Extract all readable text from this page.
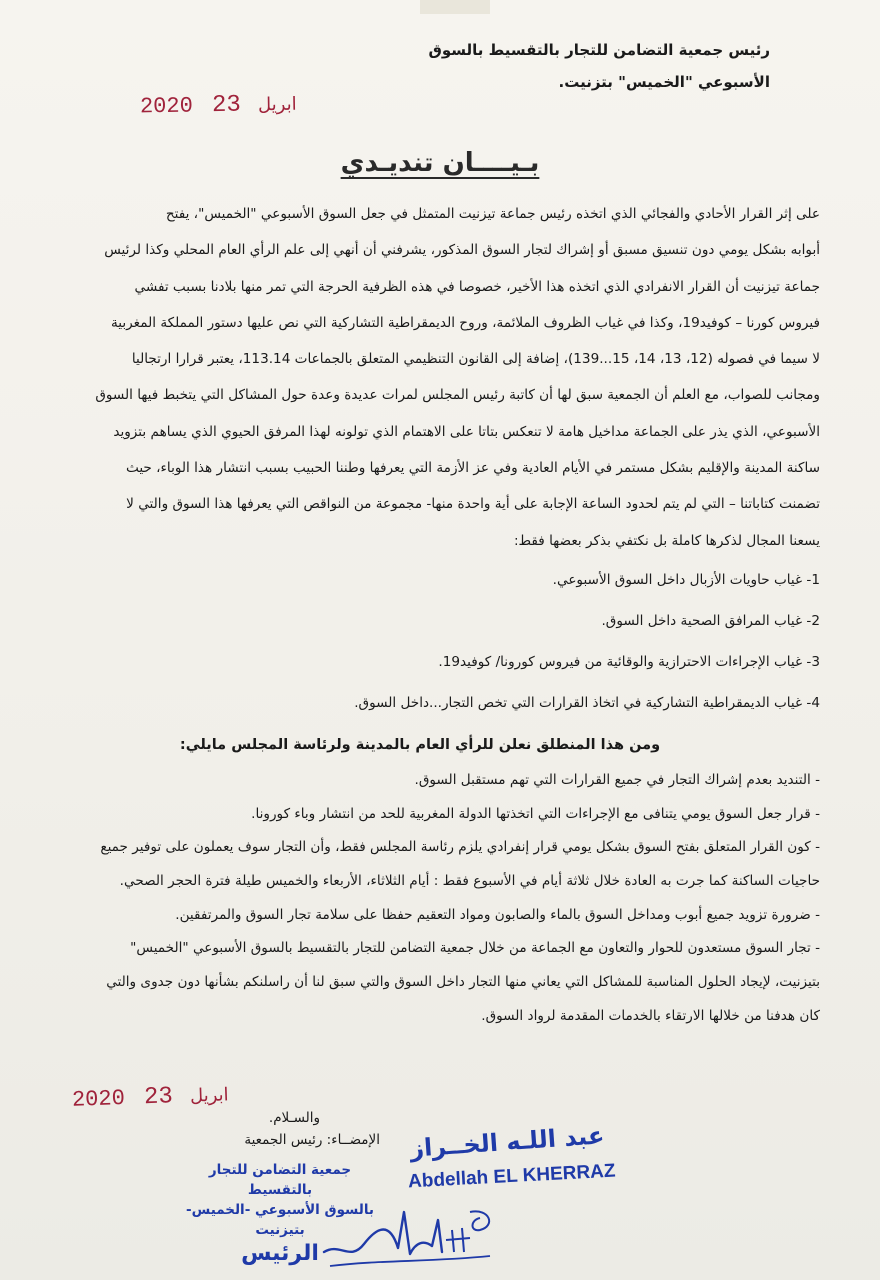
رئيس جمعية التضامن للتجار بالتقسيط بالسوق
الأسبوعي "الخميس" بتزنيت.
2020	ابريل 23
بـيــــان تنديـدي
على إثر القرار الأحادي والفجائي الذي اتخذه رئيس جماعة تيزنيت المتمثل في جعل السوق الأسبوعي "الخميس"، يفتح
أبوابه بشكل يومي دون تنسيق مسبق أو إشراك لتجار السوق المذكور، يشرفني أن أنهي إلى علم الرأي العام المحلي وكذا لرئيس
جماعة تيزنيت أن القرار الانفرادي الذي اتخذه هذا الأخير، خصوصا في هذه الظرفية الحرجة التي تمر منها بلادنا بسبب تفشي
فيروس كورنا – كوفيد19، وكذا في غياب الظروف الملائمة، وروح الديمقراطية التشاركية التي نص عليها دستور المملكة المغربية
لا سيما في فصوله (12، 13، 14، 15...139)، إضافة إلى القانون التنظيمي المتعلق بالجماعات 113.14، يعتبر قرارا ارتجاليا
ومجانب للصواب، مع العلم أن الجمعية سبق لها أن كاتبة رئيس المجلس لمرات عديدة وعدة حول المشاكل التي يتخبط فيها السوق
الأسبوعي، الذي يذر على الجماعة مداخيل هامة لا تنعكس بتاتا على الاهتمام الذي تولونه لهذا المرفق الحيوي الذي يساهم بتزويد
ساكنة المدينة والإقليم بشكل مستمر في الأيام العادية وفي عز الأزمة التي يعرفها وطننا الحبيب بسبب انتشار هذا الوباء، حيث
تضمنت كتاباتنا – التي لم يتم لحدود الساعة الإجابة على أية واحدة منها- مجموعة من النواقص التي يعرفها هذا السوق والتي لا
يسعنا المجال لذكرها كاملة بل نكتفي بذكر بعضها فقط:
1- غياب حاويات الأزبال داخل السوق الأسبوعي.
2- غياب المرافق الصحية داخل السوق.
3- غياب الإجراءات الاحترازية والوقائية من فيروس كورونا/ كوفيد19.
4- غياب الديمقراطية التشاركية في اتخاذ القرارات التي تخص التجار...داخل السوق.
ومن هذا المنطلق نعلن للرأي العام بالمدينة ولرئاسة المجلس مايلي:
- التنديد بعدم إشراك التجار في جميع القرارات التي تهم مستقبل السوق.
- قرار جعل السوق يومي يتنافى مع الإجراءات التي اتخذتها الدولة المغربية للحد من انتشار وباء كورونا.
- كون القرار المتعلق بفتح السوق بشكل يومي قرار إنفرادي يلزم رئاسة المجلس فقط، وأن التجار سوف يعملون على توفير جميع
حاجيات الساكنة كما جرت به العادة خلال ثلاثة أيام في الأسبوع فقط : أيام الثلاثاء، الأربعاء والخميس طيلة فترة الحجر الصحي.
- ضرورة تزويد جميع أبوب ومداخل السوق بالماء والصابون ومواد التعقيم حفظا على سلامة تجار السوق والمرتفقين.
- تجار السوق مستعدون للحوار والتعاون مع الجماعة من خلال جمعية التضامن للتجار بالتقسيط بالسوق الأسبوعي "الخميس"
بتيزنيت، لإيجاد الحلول المناسبة للمشاكل التي يعاني منها التجار داخل السوق والتي سبق لنا أن راسلنكم بشأنها دون جدوى والتي
كان هدفنا من خلالها الارتقاء بالخدمات المقدمة لرواد السوق.
2020	ابريل 23
والسـلام.
الإمضــاء: رئيس الجمعية
جمعية التضامن للتجار بالتقسيط
بالسوق الأسبوعي -الخميس-
بتيزنيت
الرئيس
عبد اللـه الخــراز
Abdellah EL KHERRAZ
